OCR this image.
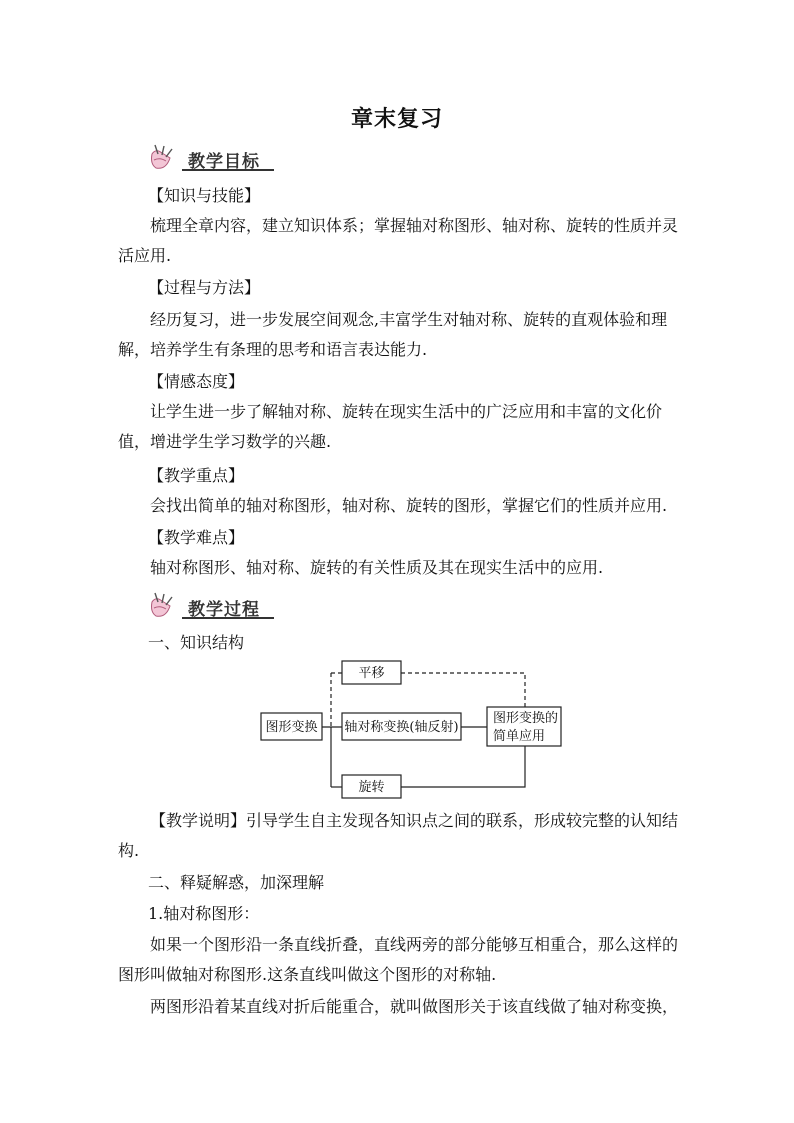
章末复习
教学目标
【知识与技能】

梳理全章内容，建立知识体系；掌握轴对称图形、轴对称、旋转的性质并灵活应用.

【过程与方法】

经历复习，进一步发展空间观念,丰富学生对轴对称、旋转的直观体验和理解，培养学生有条理的思考和语言表达能力.

【情感态度】

让学生进一步了解轴对称、旋转在现实生活中的广泛应用和丰富的文化价值，增进学生学习数学的兴趣.

【教学重点】

会找出简单的轴对称图形，轴对称、旋转的图形，掌握它们的性质并应用.

【教学难点】

轴对称图形、轴对称、旋转的有关性质及其在现实生活中的应用.

教学过程
一、知识结构
图形变换
平移
轴对称变换(轴反射)
旋转
图形变换的
简单应用

【教学说明】引导学生自主发现各知识点之间的联系，形成较完整的认知结构.

二、释疑解惑，加深理解
1.轴对称图形：

如果一个图形沿一条直线折叠，直线两旁的部分能够互相重合，那么这样的图形叫做轴对称图形.这条直线叫做这个图形的对称轴.

两图形沿着某直线对折后能重合，就叫做图形关于该直线做了轴对称变换，
